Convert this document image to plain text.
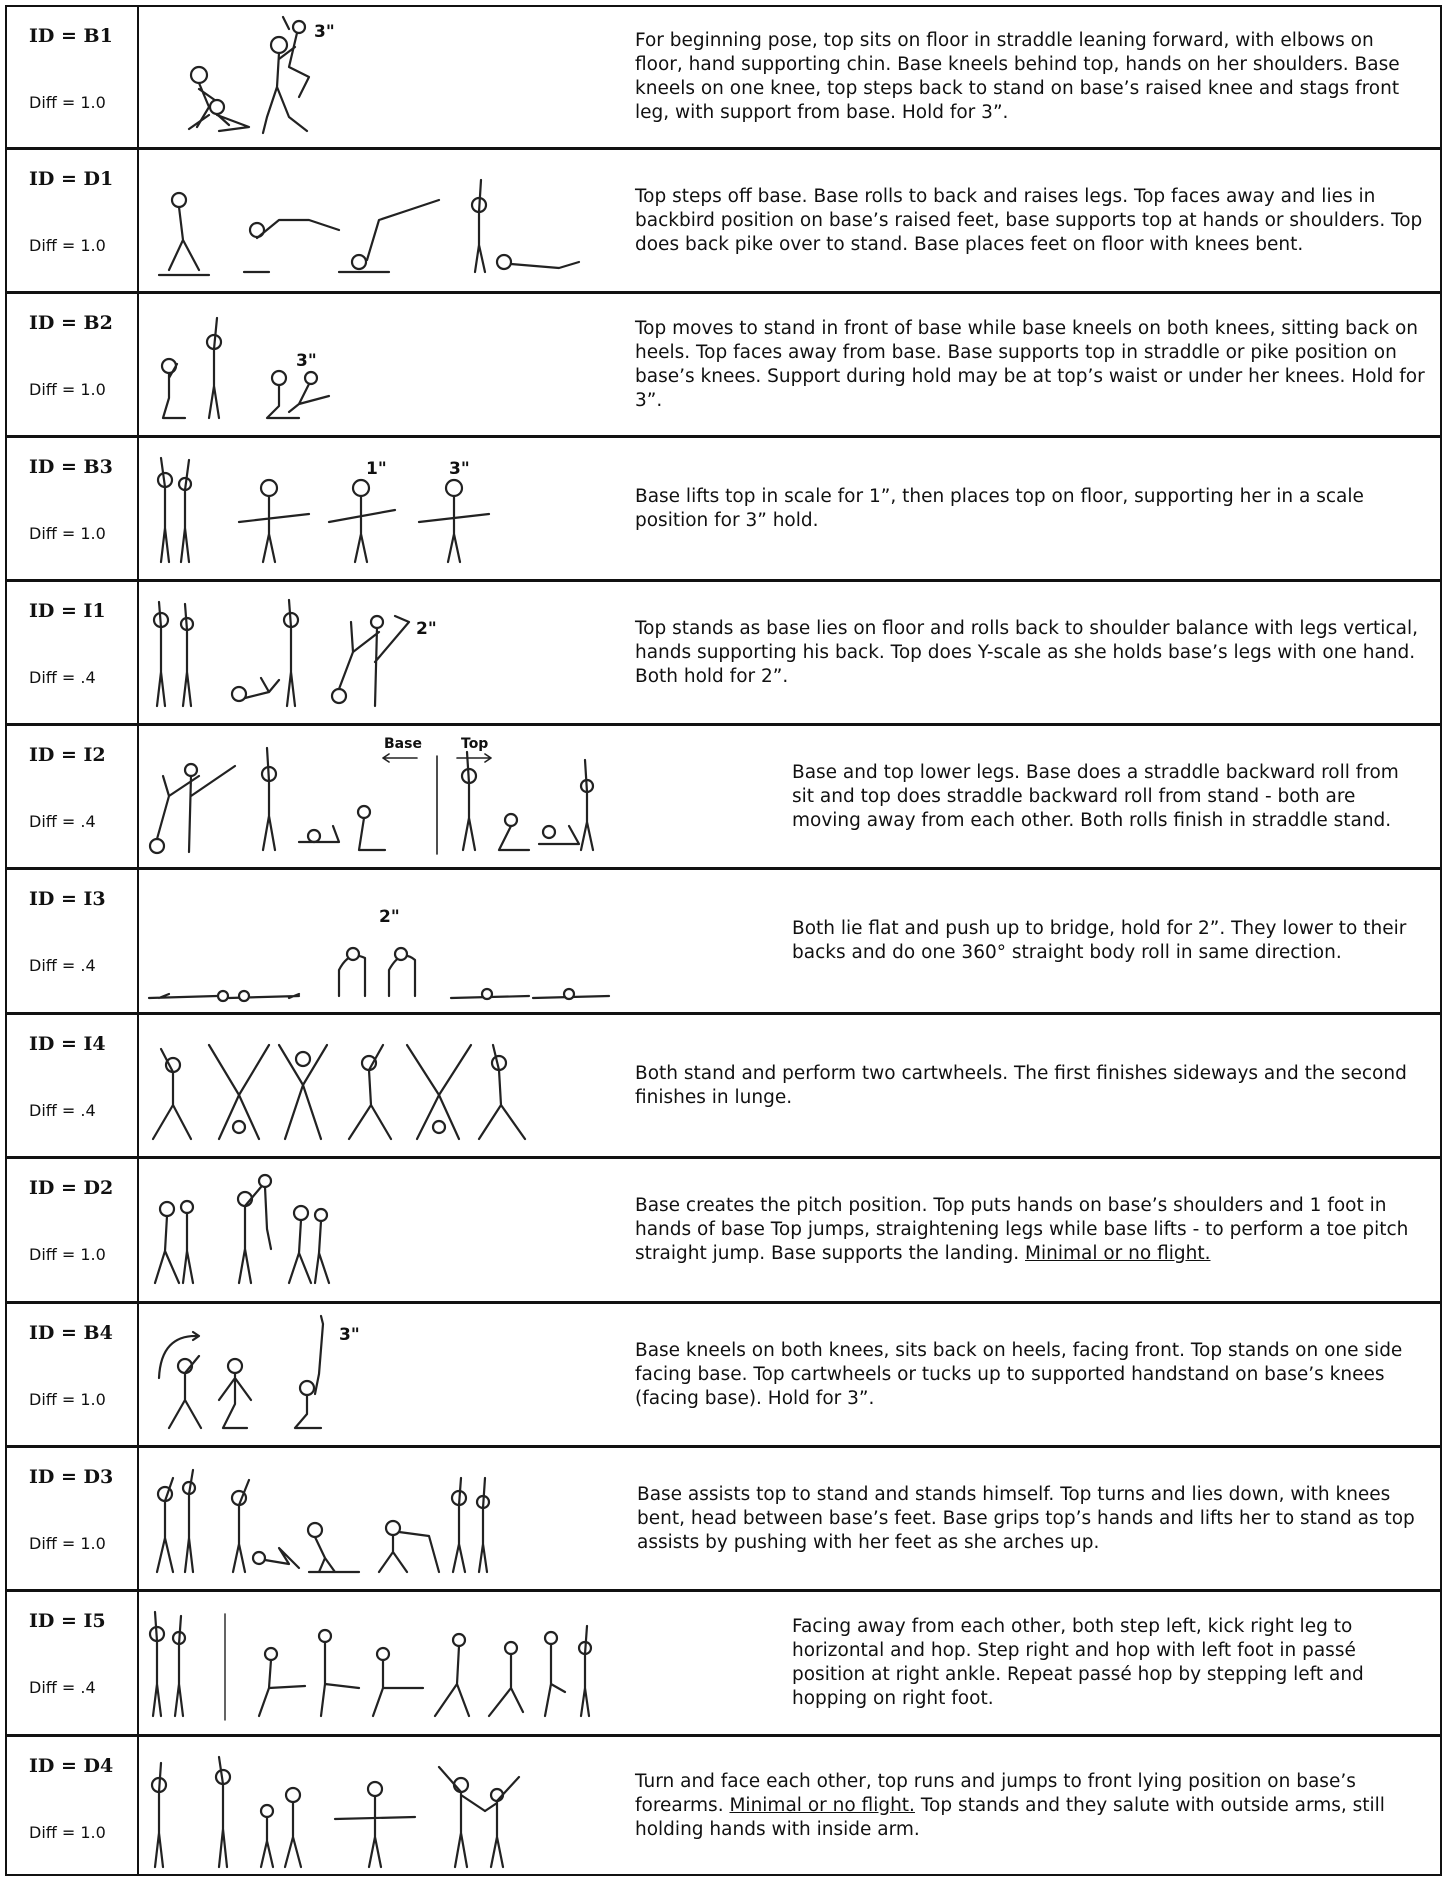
ID = B1
Diff = 1.0
3"	For beginning pose, top sits on floor in straddle leaning forward, with elbows on floor, hand supporting chin. Base kneels behind top, hands on her shoulders. Base kneels on one knee, top steps back to stand on base’s raised knee and stags front leg, with support from base. Hold for 3”.

ID = D1
Diff = 1.0

Top steps off base. Base rolls to back and raises legs. Top faces away and lies in backbird position on base’s raised feet, base supports top at hands or shoulders. Top does back pike over to stand. Base places feet on floor with knees bent.

ID = B2
Diff = 1.0
3"

Top moves to stand in front of base while base kneels on both knees, sitting back on heels. Top faces away from base. Base supports top in straddle or pike position on base’s knees. Support during hold may be at top’s waist or under her knees. Hold for 3”.

ID = B3
Diff = 1.0
1"	3"

Base lifts top in scale for 1”, then places top on floor, supporting her in a scale position for 3” hold.

ID = I1
Diff = .4
2"	Top stands as base lies on floor and rolls back to shoulder balance with legs vertical, hands supporting his back. Top does Y-scale as she holds base’s legs with one hand. Both hold for 2”.

ID = I2
Diff = .4
Base	Top

Base and top lower legs. Base does a straddle backward roll from sit and top does straddle backward roll from stand - both are moving away from each other. Both rolls finish in straddle stand.

ID = I3
Diff = .4
2"

Both lie flat and push up to bridge, hold for 2”. They lower to their backs and do one 360° straight body roll in same direction.

ID = I4
Diff = .4

Both stand and perform two cartwheels. The first finishes sideways and the second finishes in lunge.

ID = D2
Diff = 1.0

Base creates the pitch position. Top puts hands on base’s shoulders and 1 foot in hands of base Top jumps, straightening legs while base lifts - to perform a toe pitch straight jump. Base supports the landing. Minimal or no flight.

ID = B4
Diff = 1.0
3"

Base kneels on both knees, sits back on heels, facing front. Top stands on one side facing base. Top cartwheels or tucks up to supported handstand on base’s knees (facing base). Hold for 3”.

ID = D3
Diff = 1.0

Base assists top to stand and stands himself. Top turns and lies down, with knees bent, head between base’s feet. Base grips top’s hands and lifts her to stand as top assists by pushing with her feet as she arches up.

ID = I5
Diff = .4

Facing away from each other, both step left, kick right leg to horizontal and hop. Step right and hop with left foot in passé position at right ankle. Repeat passé hop by stepping left and hopping on right foot.

ID = D4
Diff = 1.0

Turn and face each other, top runs and jumps to front lying position on base’s forearms. Minimal or no flight. Top stands and they salute with outside arms, still holding hands with inside arm.
